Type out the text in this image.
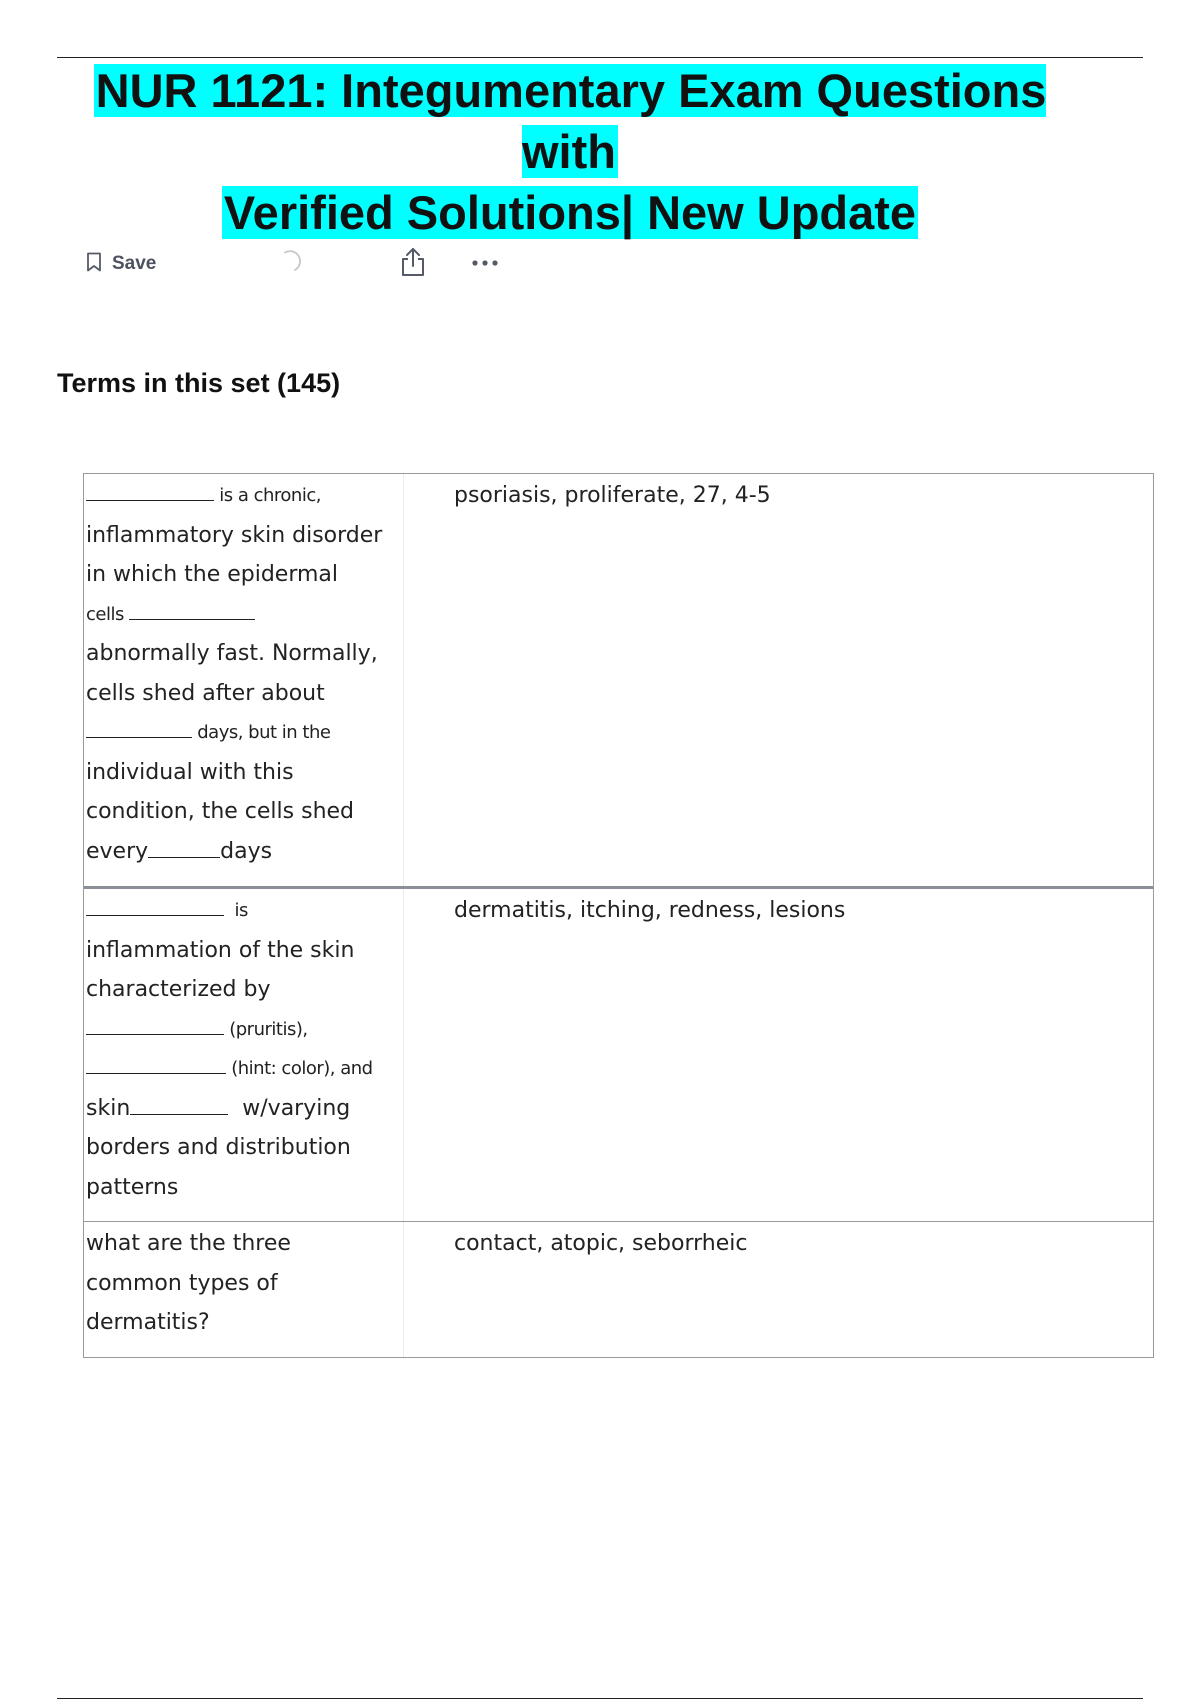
NUR 1121: Integumentary Exam Questions with
Verified Solutions| New Update
Save
Terms in this set (145)
is a chronic,
inflammatory skin disorder
in which the epidermal
cells
abnormally fast. Normally,
cells shed after about
days, but in the
individual with this
condition, the cells shed
every	days
psoriasis, proliferate, 27, 4-5
is
inflammation of the skin
characterized by
(pruritis),
(hint: color), and
skin	w/varying
borders and distribution
patterns
dermatitis, itching, redness, lesions
what are the three
common types of
dermatitis?
contact, atopic, seborrheic
